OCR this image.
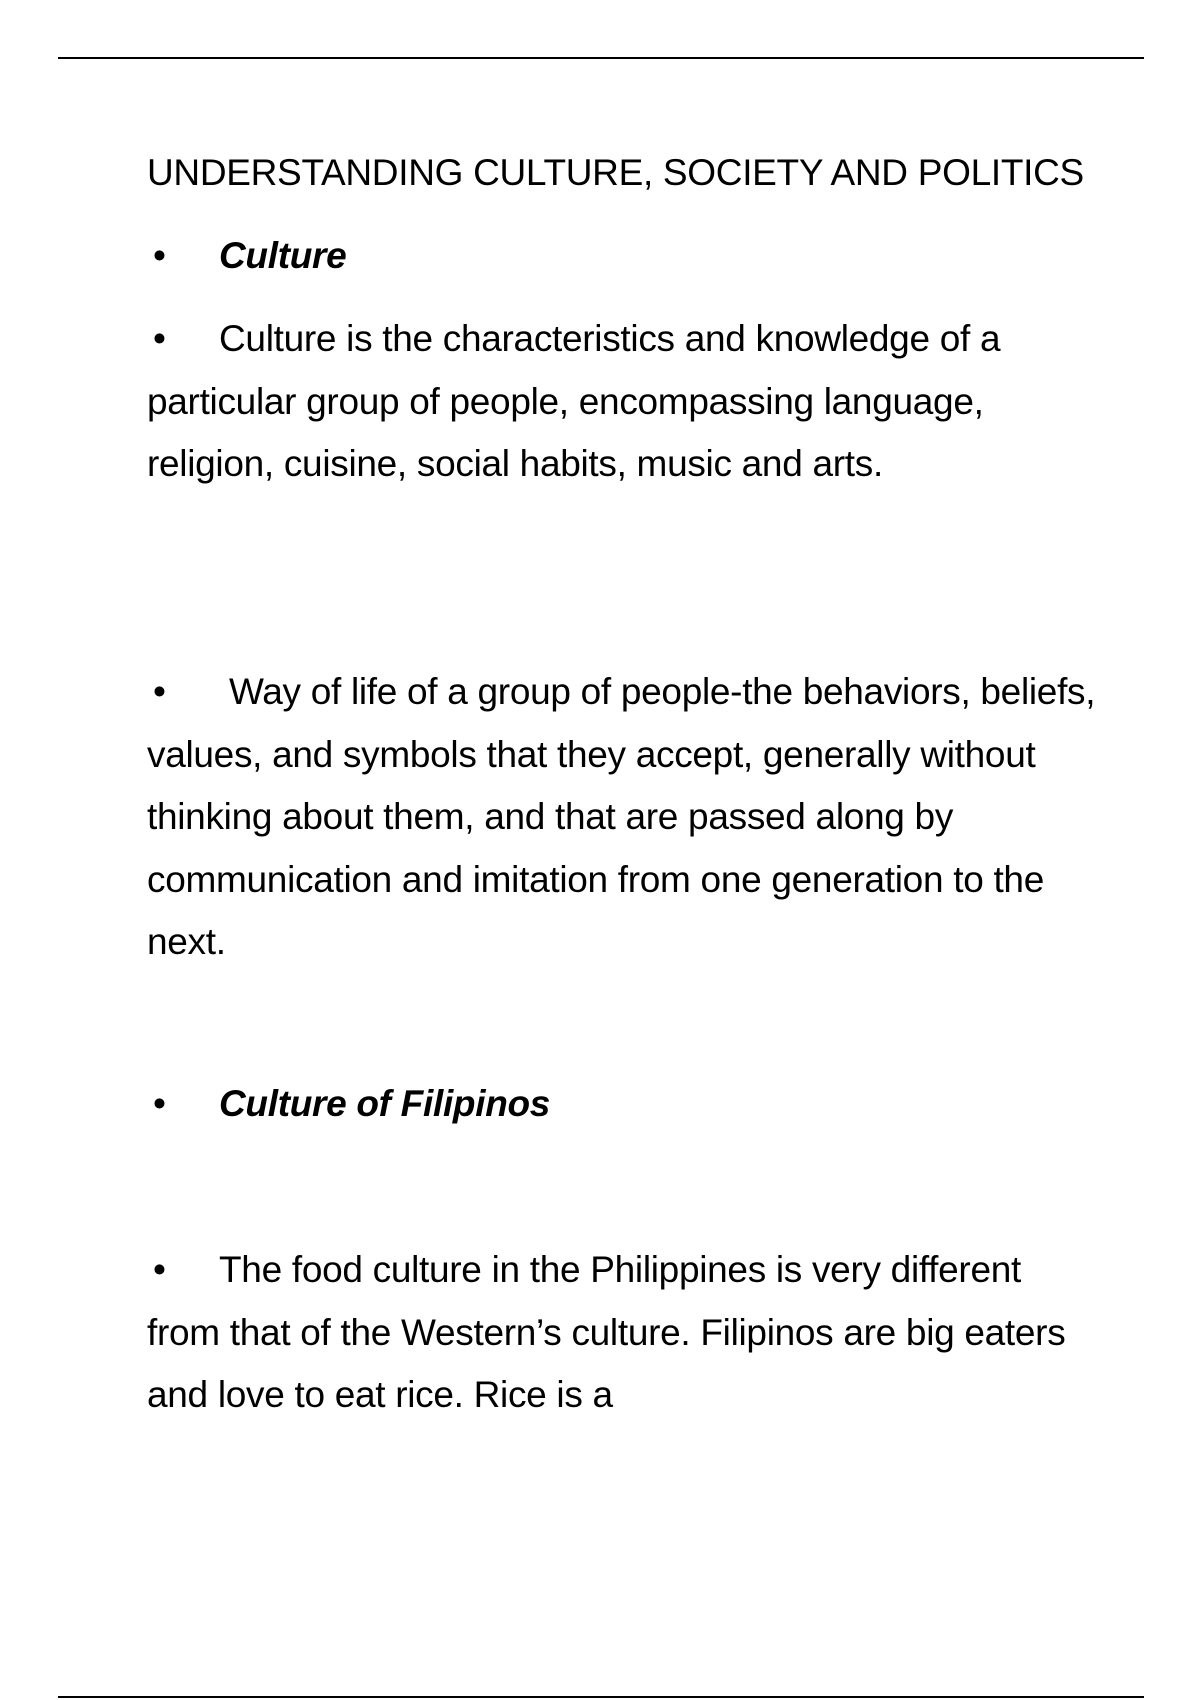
UNDERSTANDING CULTURE, SOCIETY AND POLITICS

• Culture

• Culture is the characteristics and knowledge of a particular group of people, encompassing language, religion, cuisine, social habits, music and arts.

• Way of life of a group of people-the behaviors, beliefs, values, and symbols that they accept, generally without thinking about them, and that are passed along by communication and imitation from one generation to the next.

• Culture of Filipinos

• The food culture in the Philippines is very different from that of the Western’s culture. Filipinos are big eaters and love to eat rice. Rice is a
